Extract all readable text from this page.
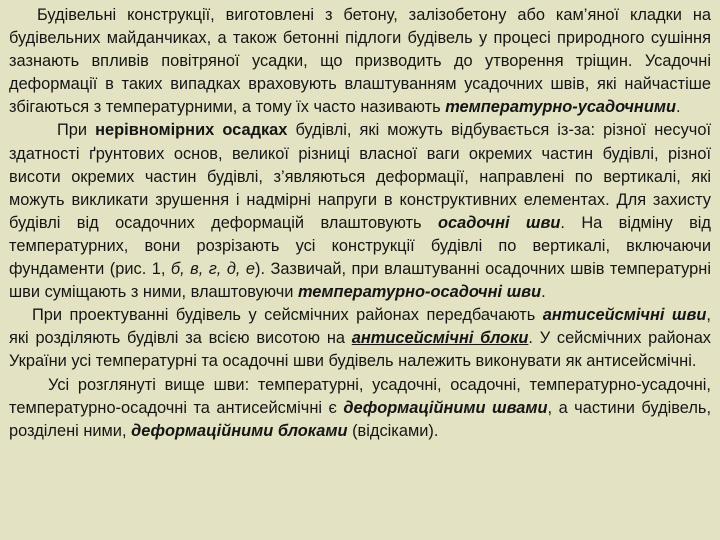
Будівельні конструкції, виготовлені з бетону, залізобетону або кам’яної кладки на будівельних майданчиках, а також бетонні підлоги будівель у процесі природного сушіння зазнають впливів повітряної усадки, що призводить до утворення тріщин. Усадочні деформації в таких випадках враховують влаштуванням усадочних швів, які найчастіше збігаються з температурними, а тому їх часто називають температурно-усадочними.

При нерівномірних осадках будівлі, які можуть відбувається із-за: різної несучої здатності ґрунтових основ, великої різниці власної ваги окремих частин будівлі, різної висоти окремих частин будівлі, з’являються деформації, направлені по вертикалі, які можуть викликати зрушення і надмірні напруги в конструктивних елементах. Для захисту будівлі від осадочних деформацій влаштовують осадочні шви. На відміну від температурних, вони розрізають усі конструкції будівлі по вертикалі, включаючи фундаменти (рис. 1, б, в, г, д, е). Зазвичай, при влаштуванні осадочних швів температурні шви суміщають з ними, влаштовуючи температурно-осадочні шви.

При проектуванні будівель у сейсмічних районах передбачають антисейсмічні шви, які розділяють будівлі за всією висотою на антисейсмічні блоки. У сейсмічних районах України усі температурні та осадочні шви будівель належить виконувати як антисейсмічні.

Усі розглянуті вище шви: температурні, усадочні, осадочні, температурно-усадочні, температурно-осадочні та антисейсмічні є деформаційними швами, а частини будівель, розділені ними, деформаційними блоками (відсіками).
